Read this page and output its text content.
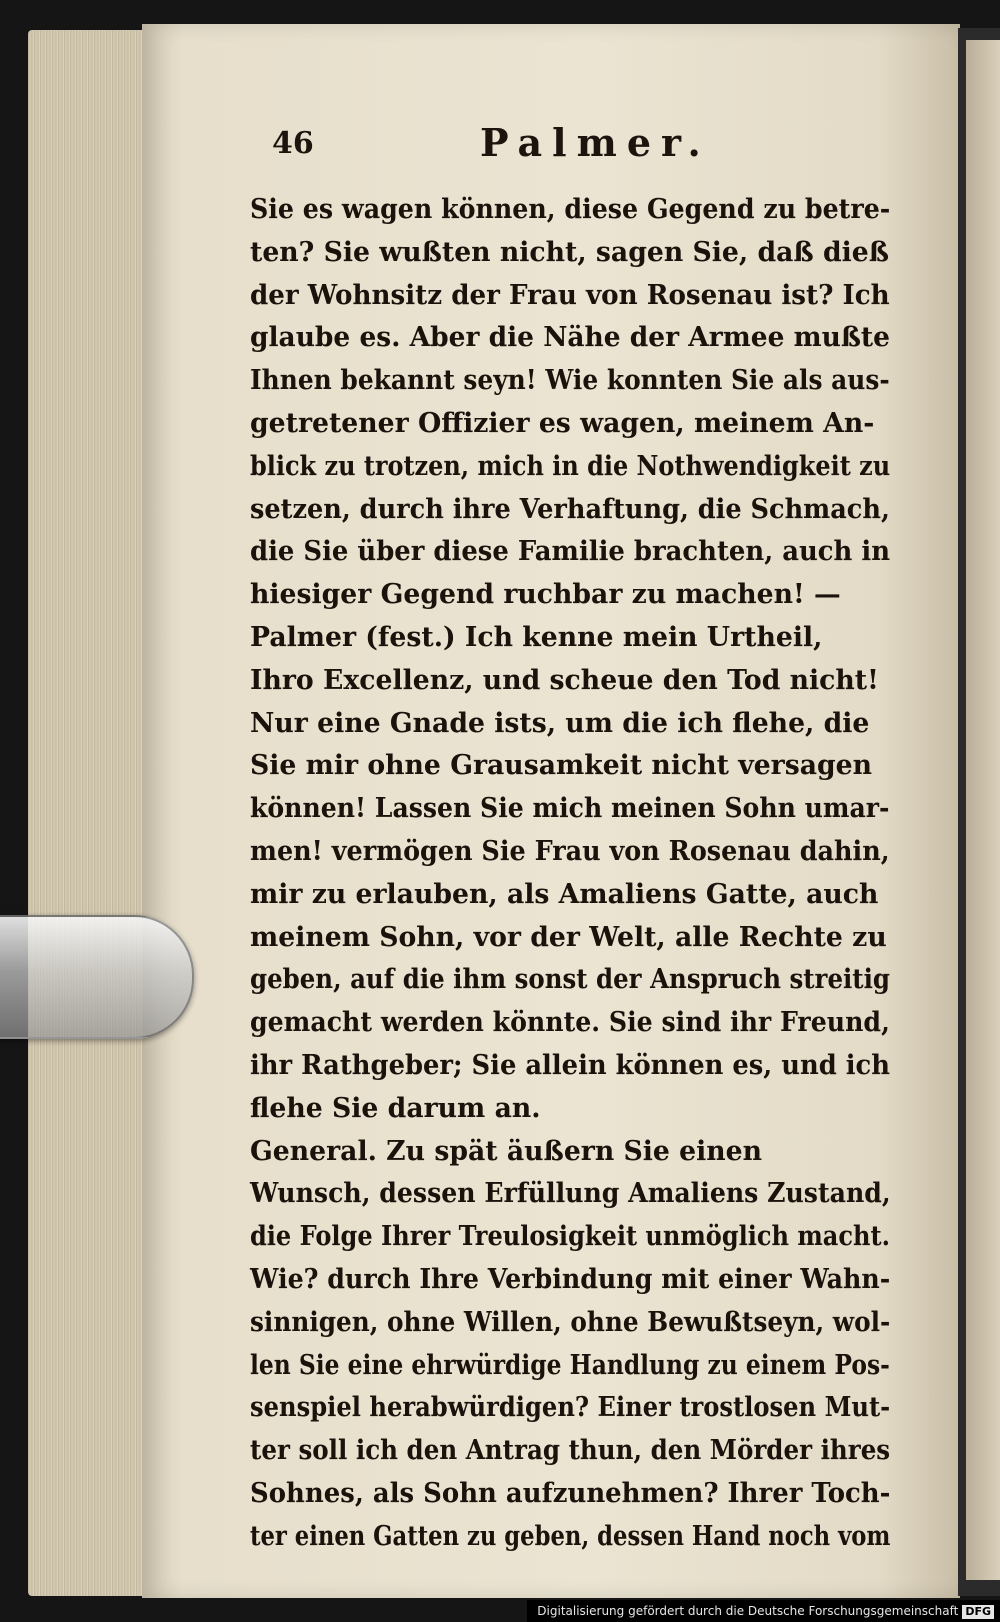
46	Palmer.
Sie es wagen können, diese Gegend zu betre-
ten? Sie wußten nicht, sagen Sie, daß dieß
der Wohnsitz der Frau von Rosenau ist? Ich
glaube es. Aber die Nähe der Armee mußte
Ihnen bekannt seyn! Wie konnten Sie als aus-
getretener Offizier es wagen, meinem An-
blick zu trotzen, mich in die Nothwendigkeit zu
setzen, durch ihre Verhaftung, die Schmach,
die Sie über diese Familie brachten, auch in
hiesiger Gegend ruchbar zu machen! —
Palmer (fest.) Ich kenne mein Urtheil,
Ihro Excellenz, und scheue den Tod nicht!
Nur eine Gnade ists, um die ich flehe, die
Sie mir ohne Grausamkeit nicht versagen
können! Lassen Sie mich meinen Sohn umar-
men! vermögen Sie Frau von Rosenau dahin,
mir zu erlauben, als Amaliens Gatte, auch
meinem Sohn, vor der Welt, alle Rechte zu
geben, auf die ihm sonst der Anspruch streitig
gemacht werden könnte. Sie sind ihr Freund,
ihr Rathgeber; Sie allein können es, und ich
flehe Sie darum an.
General. Zu spät äußern Sie einen
Wunsch, dessen Erfüllung Amaliens Zustand,
die Folge Ihrer Treulosigkeit unmöglich macht.
Wie? durch Ihre Verbindung mit einer Wahn-
sinnigen, ohne Willen, ohne Bewußtseyn, wol-
len Sie eine ehrwürdige Handlung zu einem Pos-
senspiel herabwürdigen? Einer trostlosen Mut-
ter soll ich den Antrag thun, den Mörder ihres
Sohnes, als Sohn aufzunehmen? Ihrer Toch-
ter einen Gatten zu geben, dessen Hand noch vom
Digitalisierung gefördert durch die Deutsche Forschungsgemeinschaft DFG
